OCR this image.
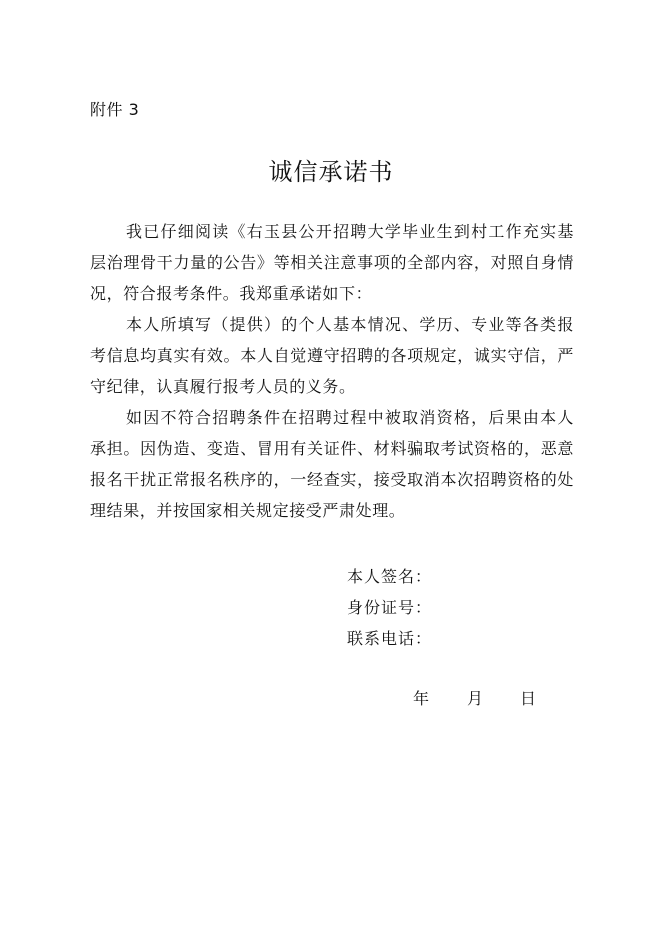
附件 3
诚信承诺书

我已仔细阅读《右玉县公开招聘大学毕业生到村工作充实基层治理骨干力量的公告》等相关注意事项的全部内容，对照自身情况，符合报考条件。我郑重承诺如下：

本人所填写（提供）的个人基本情况、学历、专业等各类报考信息均真实有效。本人自觉遵守招聘的各项规定，诚实守信，严守纪律，认真履行报考人员的义务。

如因不符合招聘条件在招聘过程中被取消资格，后果由本人承担。因伪造、变造、冒用有关证件、材料骗取考试资格的，恶意报名干扰正常报名秩序的，一经查实，接受取消本次招聘资格的处理结果，并按国家相关规定接受严肃处理。

本人签名：
身份证号：
联系电话：
年 月 日
